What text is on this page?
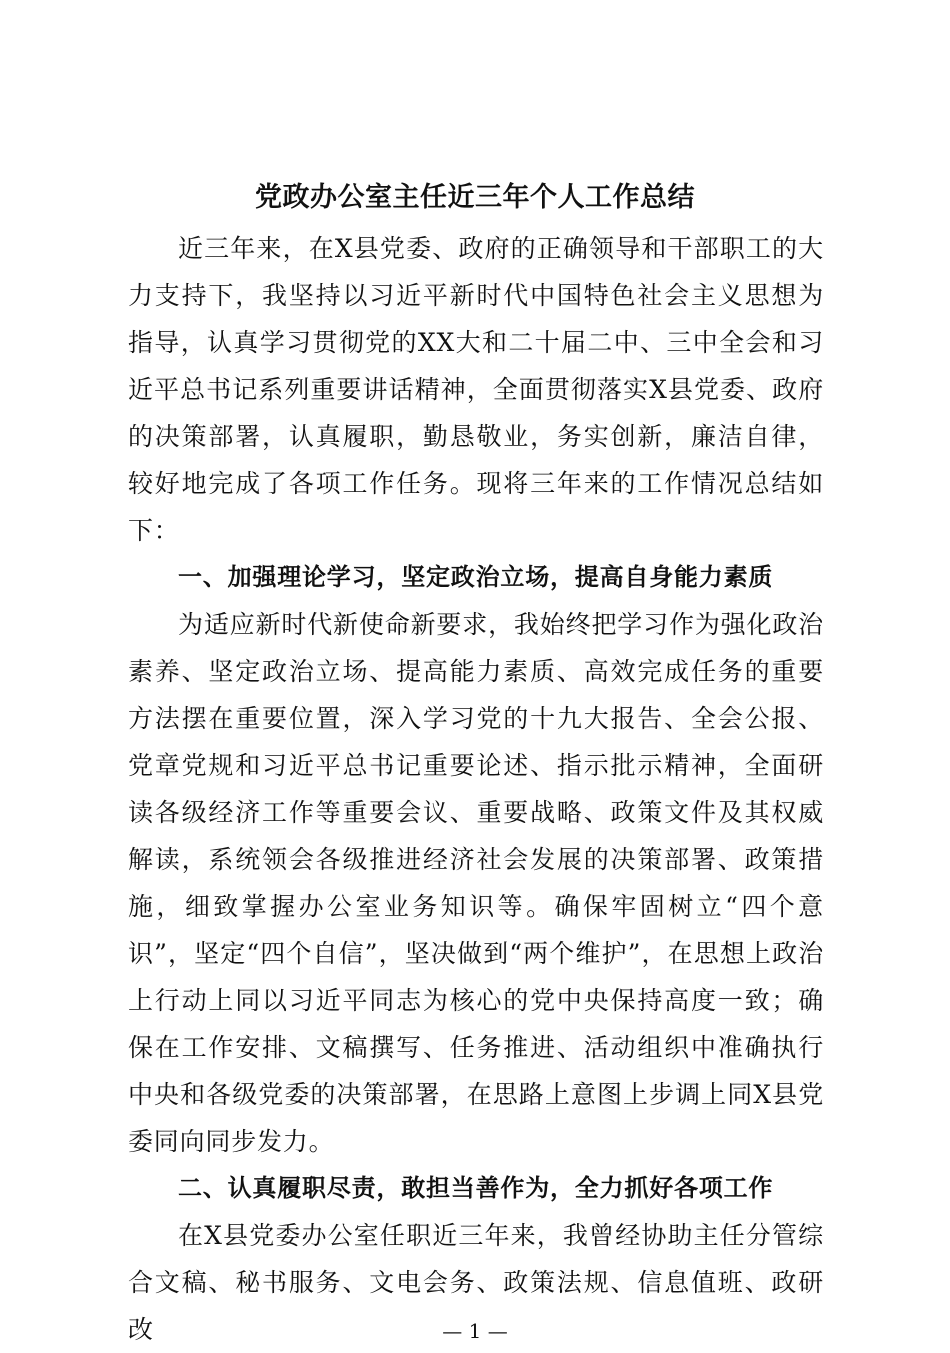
党政办公室主任近三年个人工作总结

近三年来，在X县党委、政府的正确领导和干部职工的大力支持下，我坚持以习近平新时代中国特色社会主义思想为指导，认真学习贯彻党的XX大和二十届二中、三中全会和习近平总书记系列重要讲话精神，全面贯彻落实X县党委、政府的决策部署，认真履职，勤恳敬业，务实创新，廉洁自律，较好地完成了各项工作任务。现将三年来的工作情况总结如下：

一、加强理论学习，坚定政治立场，提高自身能力素质

为适应新时代新使命新要求，我始终把学习作为强化政治素养、坚定政治立场、提高能力素质、高效完成任务的重要方法摆在重要位置，深入学习党的十九大报告、全会公报、党章党规和习近平总书记重要论述、指示批示精神，全面研读各级经济工作等重要会议、重要战略、政策文件及其权威解读，系统领会各级推进经济社会发展的决策部署、政策措施，细致掌握办公室业务知识等。确保牢固树立“四个意识”，坚定“四个自信”，坚决做到“两个维护”，在思想上政治上行动上同以习近平同志为核心的党中央保持高度一致；确保在工作安排、文稿撰写、任务推进、活动组织中准确执行中央和各级党委的决策部署，在思路上意图上步调上同X县党委同向同步发力。

二、认真履职尽责，敢担当善作为，全力抓好各项工作

在X县党委办公室任职近三年来，我曾经协助主任分管综合文稿、秘书服务、文电会务、政策法规、信息值班、政研改	— 1 —
